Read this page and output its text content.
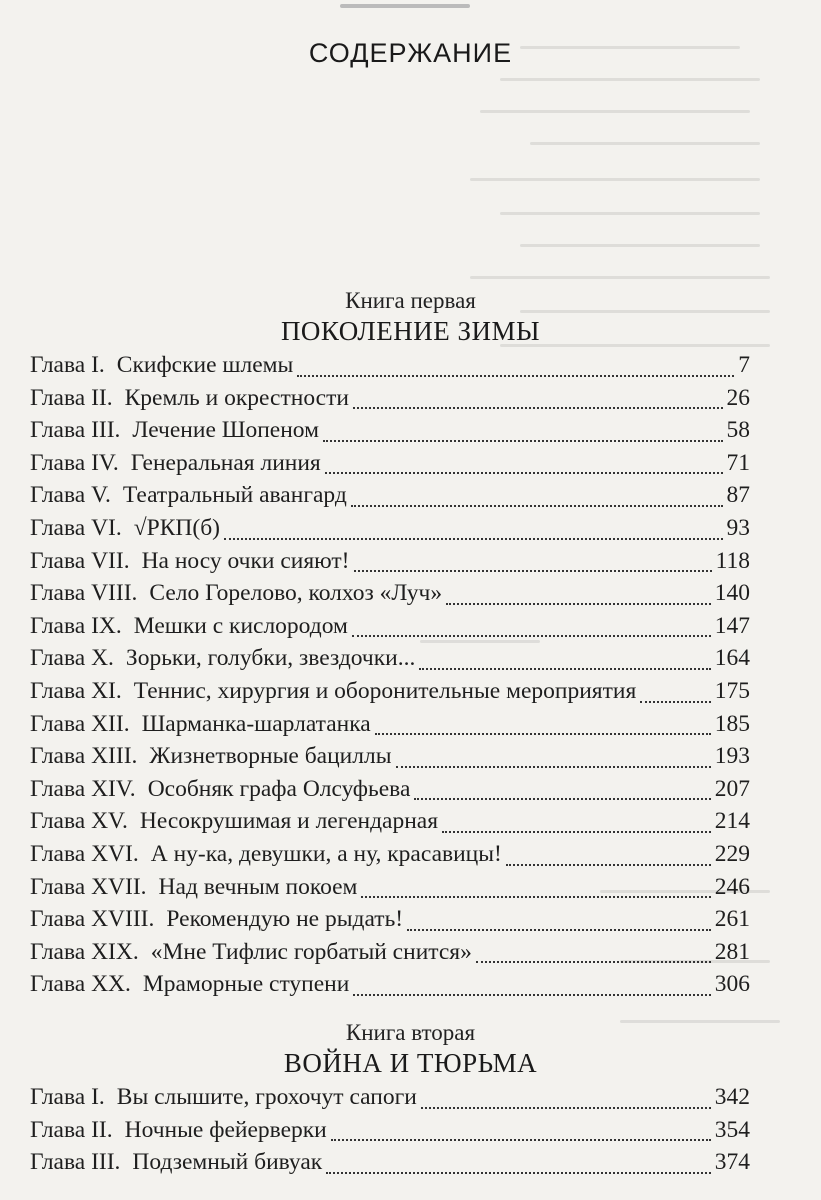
СОДЕРЖАНИЕ
Книга первая
ПОКОЛЕНИЕ ЗИМЫ
Глава I. Скифские шлемы	7
Глава II. Кремль и окрестности	26
Глава III. Лечение Шопеном	58
Глава IV. Генеральная линия	71
Глава V. Театральный авангард	87
Глава VI. √РКП(б)	93
Глава VII. На носу очки сияют!	118
Глава VIII. Село Горелово, колхоз «Луч»	140
Глава IX. Мешки с кислородом	147
Глава X. Зорьки, голубки, звездочки...	164
Глава XI. Теннис, хирургия и оборонительные мероприятия	175
Глава XII. Шарманка-шарлатанка	185
Глава XIII. Жизнетворные бациллы	193
Глава XIV. Особняк графа Олсуфьева	207
Глава XV. Несокрушимая и легендарная	214
Глава XVI. А ну-ка, девушки, а ну, красавицы!	229
Глава XVII. Над вечным покоем	246
Глава XVIII. Рекомендую не рыдать!	261
Глава XIX. «Мне Тифлис горбатый снится»	281
Глава XX. Мраморные ступени	306
Книга вторая
ВОЙНА И ТЮРЬМА
Глава I. Вы слышите, грохочут сапоги	342
Глава II. Ночные фейерверки	354
Глава III. Подземный бивуак	374
